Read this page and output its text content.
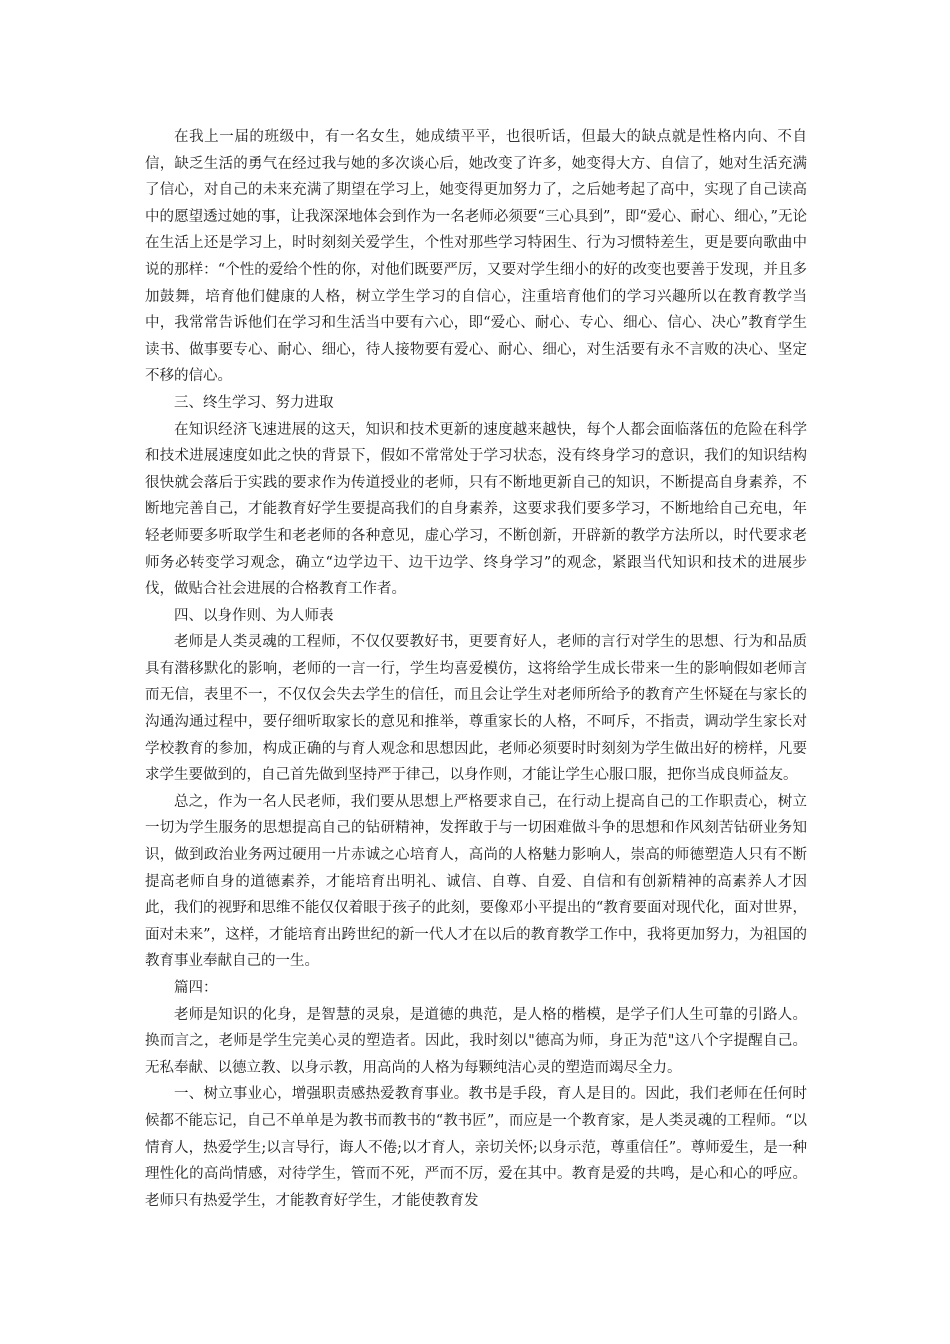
在我上一届的班级中，有一名女生，她成绩平平，也很听话，但最大的缺点就是性格内向、不自信，缺乏生活的勇气在经过我与她的多次谈心后，她改变了许多，她变得大方、自信了，她对生活充满了信心，对自己的未来充满了期望在学习上，她变得更加努力了，之后她考起了高中，实现了自己读高中的愿望透过她的事，让我深深地体会到作为一名老师必须要“三心具到”，即“爱心、耐心、细心，”无论在生活上还是学习上，时时刻刻关爱学生，个性对那些学习特困生、行为习惯特差生，更是要向歌曲中说的那样：“个性的爱给个性的你，对他们既要严厉，又要对学生细小的好的改变也要善于发现，并且多加鼓舞，培育他们健康的人格，树立学生学习的自信心，注重培育他们的学习兴趣所以在教育教学当中，我常常告诉他们在学习和生活当中要有六心，即“爱心、耐心、专心、细心、信心、决心”教育学生读书、做事要专心、耐心、细心，待人接物要有爱心、耐心、细心，对生活要有永不言败的决心、坚定不移的信心。

三、终生学习、努力进取

在知识经济飞速进展的这天，知识和技术更新的速度越来越快，每个人都会面临落伍的危险在科学和技术进展速度如此之快的背景下，假如不常常处于学习状态，没有终身学习的意识，我们的知识结构很快就会落后于实践的要求作为传道授业的老师，只有不断地更新自己的知识，不断提高自身素养，不断地完善自己，才能教育好学生要提高我们的自身素养，这要求我们要多学习，不断地给自己充电，年轻老师要多听取学生和老老师的各种意见，虚心学习，不断创新，开辟新的教学方法所以，时代要求老师务必转变学习观念，确立“边学边干、边干边学、终身学习”的观念，紧跟当代知识和技术的进展步伐，做贴合社会进展的合格教育工作者。

四、以身作则、为人师表

老师是人类灵魂的工程师，不仅仅要教好书，更要育好人，老师的言行对学生的思想、行为和品质具有潜移默化的影响，老师的一言一行，学生均喜爱模仿，这将给学生成长带来一生的影响假如老师言而无信，表里不一，不仅仅会失去学生的信任，而且会让学生对老师所给予的教育产生怀疑在与家长的沟通沟通过程中，要仔细听取家长的意见和推举，尊重家长的人格，不呵斥，不指责，调动学生家长对学校教育的参加，构成正确的与育人观念和思想因此，老师必须要时时刻刻为学生做出好的榜样，凡要求学生要做到的，自己首先做到坚持严于律己，以身作则，才能让学生心服口服，把你当成良师益友。

总之，作为一名人民老师，我们要从思想上严格要求自己，在行动上提高自己的工作职责心，树立一切为学生服务的思想提高自己的钻研精神，发挥敢于与一切困难做斗争的思想和作风刻苦钻研业务知识，做到政治业务两过硬用一片赤诚之心培育人，高尚的人格魅力影响人，崇高的师德塑造人只有不断提高老师自身的道德素养，才能培育出明礼、诚信、自尊、自爱、自信和有创新精神的高素养人才因此，我们的视野和思维不能仅仅着眼于孩子的此刻，要像邓小平提出的“教育要面对现代化，面对世界，面对未来”，这样，才能培育出跨世纪的新一代人才在以后的教育教学工作中，我将更加努力，为祖国的教育事业奉献自己的一生。

篇四：

老师是知识的化身，是智慧的灵泉，是道德的典范，是人格的楷模，是学子们人生可靠的引路人。换而言之，老师是学生完美心灵的塑造者。因此，我时刻以"德高为师，身正为范"这八个字提醒自己。无私奉献、以德立教、以身示教，用高尚的人格为每颗纯洁心灵的塑造而竭尽全力。

一、树立事业心，增强职责感热爱教育事业。教书是手段，育人是目的。因此，我们老师在任何时候都不能忘记，自己不单单是为教书而教书的“教书匠”，而应是一个教育家，是人类灵魂的工程师。“以情育人，热爱学生;以言导行，诲人不倦;以才育人，亲切关怀;以身示范，尊重信任”。尊师爱生，是一种理性化的高尚情感，对待学生，管而不死，严而不厉，爱在其中。教育是爱的共鸣，是心和心的呼应。老师只有热爱学生，才能教育好学生，才能使教育发
